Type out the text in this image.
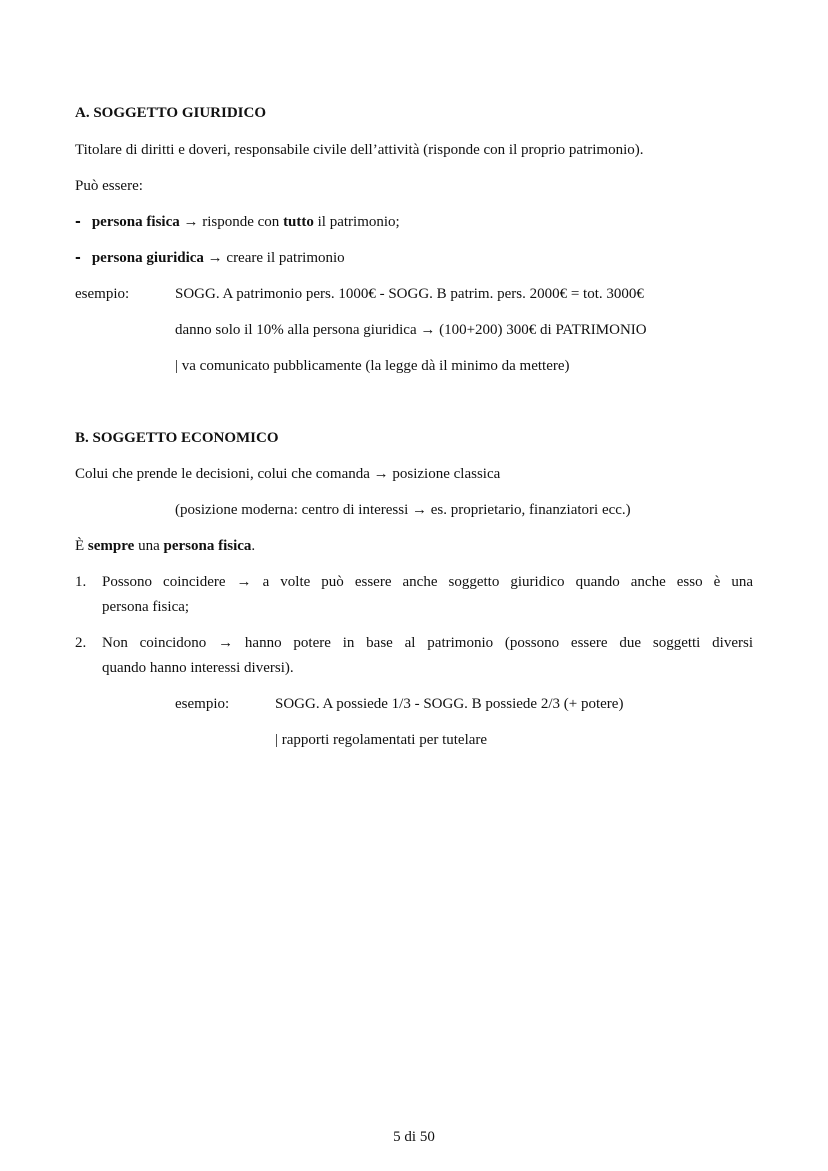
A. SOGGETTO GIURIDICO
Titolare di diritti e doveri, responsabile civile dell’attività (risponde con il proprio patrimonio).
Può essere:
- persona fisica → risponde con tutto il patrimonio;
- persona giuridica → creare il patrimonio
esempio:	SOGG. A patrimonio pers. 1000€ - SOGG. B patrim. pers. 2000€ = tot. 3000€
danno solo il 10% alla persona giuridica → (100+200) 300€ di PATRIMONIO
| va comunicato pubblicamente (la legge dà il minimo da mettere)
B. SOGGETTO ECONOMICO
Colui che prende le decisioni, colui che comanda → posizione classica
(posizione moderna: centro di interessi → es. proprietario, finanziatori ecc.)
È sempre una persona fisica.
1. Possono coincidere → a volte può essere anche soggetto giuridico quando anche esso è una
persona fisica;
2. Non coincidono → hanno potere in base al patrimonio (possono essere due soggetti diversi
quando hanno interessi diversi).
esempio:	SOGG. A possiede 1/3 - SOGG. B possiede 2/3 (+ potere)
| rapporti regolamentati per tutelare
5 di 50
